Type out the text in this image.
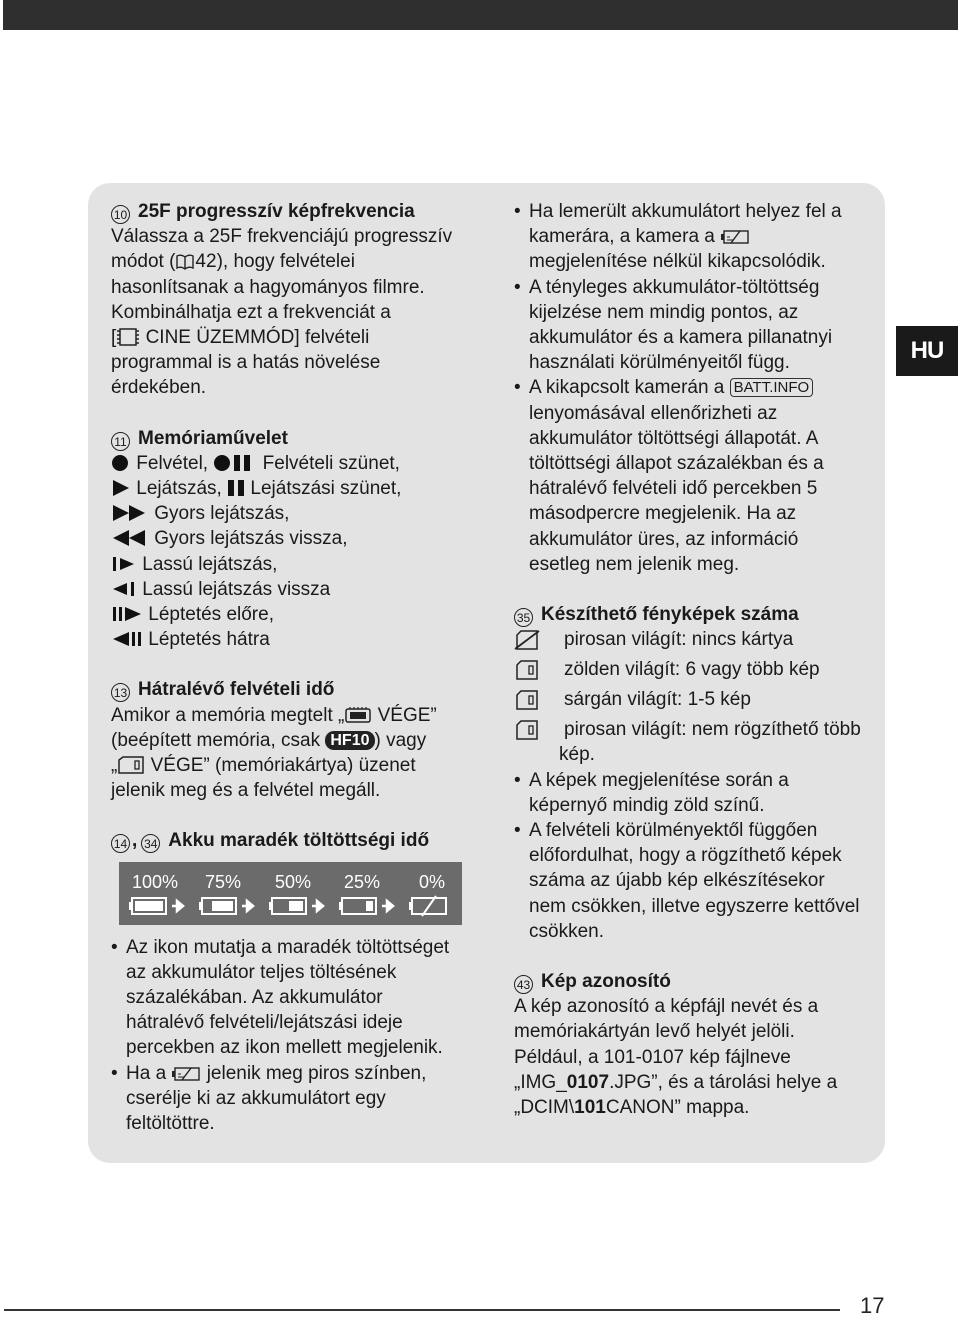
HU
10 25F progresszív képfrekvencia
Válassza a 25F frekvenciájú progresszív
módot ( 42), hogy felvételei
hasonlítsanak a hagyományos filmre.
Kombinálhatja ezt a frekvenciát a
[ CINE ÜZEMMÓD] felvételi
programmal is a hatás növelése
érdekében.
11 Memóriaművelet
Felvétel,	Felvételi szünet,
Lejátszás, Lejátszási szünet,
Gyors lejátszás,
Gyors lejátszás vissza,
Lassú lejátszás,
Lassú lejátszás vissza
Léptetés előre,
Léptetés hátra
13 Hátralévő felvételi idő
Amikor a memória megtelt „ VÉGE”
(beépített memória, csak HF10 ) vagy
„ VÉGE” (memóriakártya) üzenet
jelenik meg és a felvétel megáll.
14 , 34 Akku maradék töltöttségi idő
100% 75% 50% 25% 0%
• Az ikon mutatja a maradék töltöttséget
az akkumulátor teljes töltésének
százalékában. Az akkumulátor
hátralévő felvételi/lejátszási ideje
percekben az ikon mellett megjelenik.
• Ha a jelenik meg piros színben,
cserélje ki az akkumulátort egy
feltöltöttre.
• Ha lemerült akkumulátort helyez fel a
kamerára, a kamera a
megjelenítése nélkül kikapcsolódik.
• A tényleges akkumulátor-töltöttség
kijelzése nem mindig pontos, az
akkumulátor és a kamera pillanatnyi
használati körülményeitől függ.
• A kikapcsolt kamerán a BATT.INFO
lenyomásával ellenőrizheti az
akkumulátor töltöttségi állapotát. A
töltöttségi állapot százalékban és a
hátralévő felvételi idő percekben 5
másodpercre megjelenik. Ha az
akkumulátor üres, az információ
esetleg nem jelenik meg.
35 Készíthető fényképek száma
pirosan világít: nincs kártya
zölden világít: 6 vagy több kép
sárgán világít: 1-5 kép
pirosan világít: nem rögzíthető több
kép.
• A képek megjelenítése során a
képernyő mindig zöld színű.
• A felvételi körülményektől függően
előfordulhat, hogy a rögzíthető képek
száma az újabb kép elkészítésekor
nem csökken, illetve egyszerre kettővel
csökken.
43 Kép azonosító
A kép azonosító a képfájl nevét és a
memóriakártyán levő helyét jelöli.
Például, a 101-0107 kép fájlneve
„IMG_0107.JPG”, és a tárolási helye a
„DCIM\101CANON” mappa.
17
